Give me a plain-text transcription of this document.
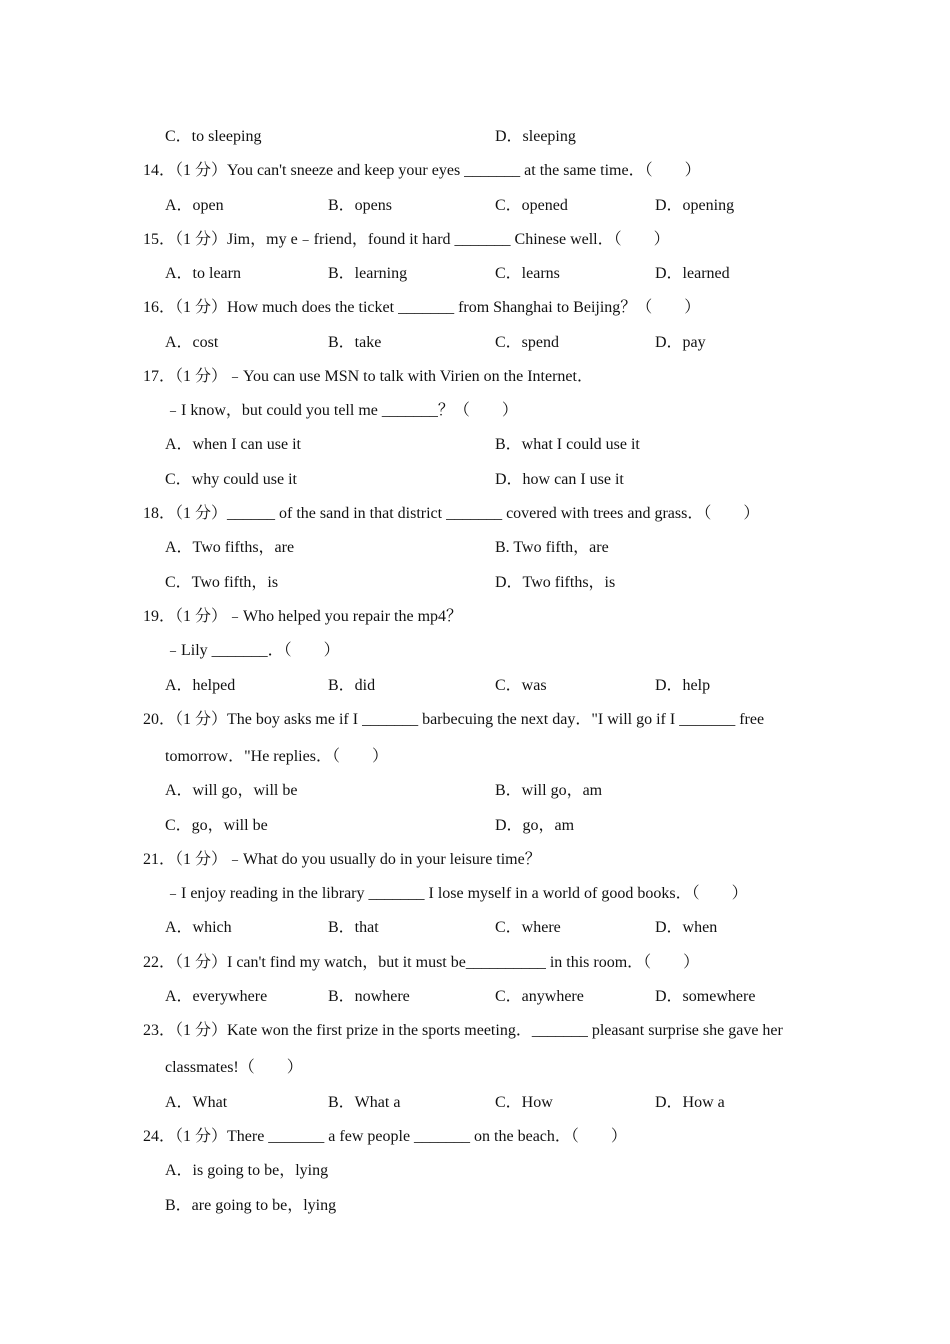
C．to sleeping	D．sleeping
14．（1 分）You can't sneeze and keep your eyes _______ at the same time．（　　）
A．open	B．opens	C．opened	D．opening
15．（1 分）Jim，my e﹣friend，found it hard _______ Chinese well．（　　）
A．to learn	B．learning	C．learns	D．learned
16．（1 分）How much does the ticket _______ from Shanghai to Beijing？（　　）
A．cost	B．take	C．spend	D．pay
17．（1 分）﹣You can use MSN to talk with Virien on the Internet．
﹣I know，but could you tell me _______？（　　）
A．when I can use it	B．what I could use it
C．why could use it	D．how can I use it
18．（1 分）______ of the sand in that district _______ covered with trees and grass．（　　）
A．Two fifths，are	B. Two fifth，are
C．Two fifth，is	D．Two fifths，is
19．（1 分）﹣Who helped you repair the mp4？
﹣Lily _______．（　　）
A．helped	B．did	C．was	D．help
20．（1 分）The boy asks me if I _______ barbecuing the next day．"I will go if I _______ free
tomorrow．"He replies．（　　）
A．will go，will be	B．will go，am
C．go，will be	D．go，am
21．（1 分）﹣What do you usually do in your leisure time？
﹣I enjoy reading in the library _______ I lose myself in a world of good books．（　　）
A．which	B．that	C．where	D．when
22．（1 分）I can't find my watch，but it must be__________ in this room．（　　）
A．everywhere	B．nowhere	C．anywhere	D．somewhere
23．（1 分）Kate won the first prize in the sports meeting．_______ pleasant surprise she gave her
classmates!（　　）
A．What	B．What a	C．How	D．How a
24．（1 分）There _______ a few people _______ on the beach．（　　）
A．is going to be，lying
B．are going to be，lying
